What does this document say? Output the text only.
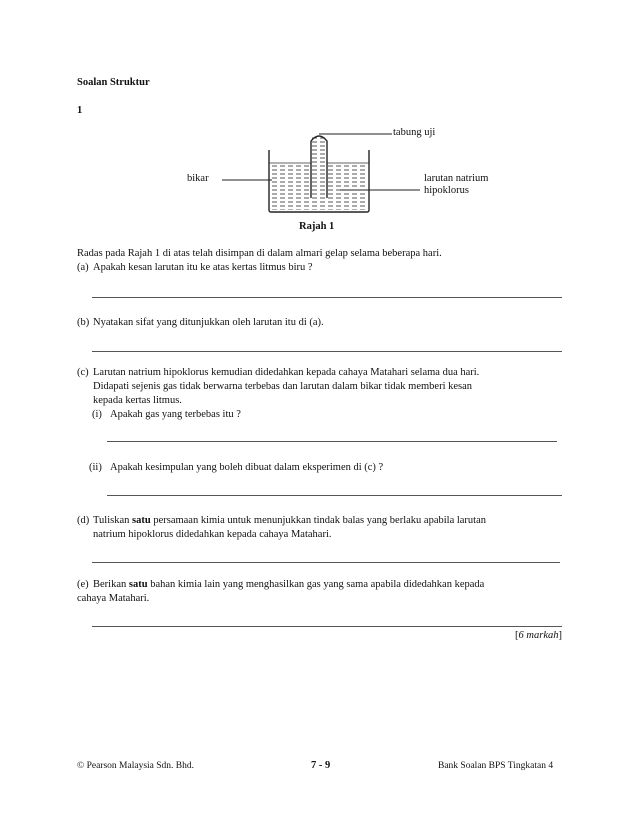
Soalan Struktur
1
tabung uji
bikar	larutan natrium
hipoklorus
Rajah 1
Radas pada Rajah 1 di atas telah disimpan di dalam almari gelap selama beberapa hari.
(a) Apakah kesan larutan itu ke atas kertas litmus biru ?
(b) Nyatakan sifat yang ditunjukkan oleh larutan itu di (a).
(c) Larutan natrium hipoklorus kemudian didedahkan kepada cahaya Matahari selama dua hari.
Didapati sejenis gas tidak berwarna terbebas dan larutan dalam bikar tidak memberi kesan
kepada kertas litmus.
(i) Apakah gas yang terbebas itu ?
(ii) Apakah kesimpulan yang boleh dibuat dalam eksperimen di (c) ?
(d) Tuliskan satu persamaan kimia untuk menunjukkan tindak balas yang berlaku apabila larutan
natrium hipoklorus didedahkan kepada cahaya Matahari.
(e) Berikan satu bahan kimia lain yang menghasilkan gas yang sama apabila didedahkan kepada
cahaya Matahari.
[6 markah]
© Pearson Malaysia Sdn. Bhd.	7 - 9	Bank Soalan BPS Tingkatan 4
